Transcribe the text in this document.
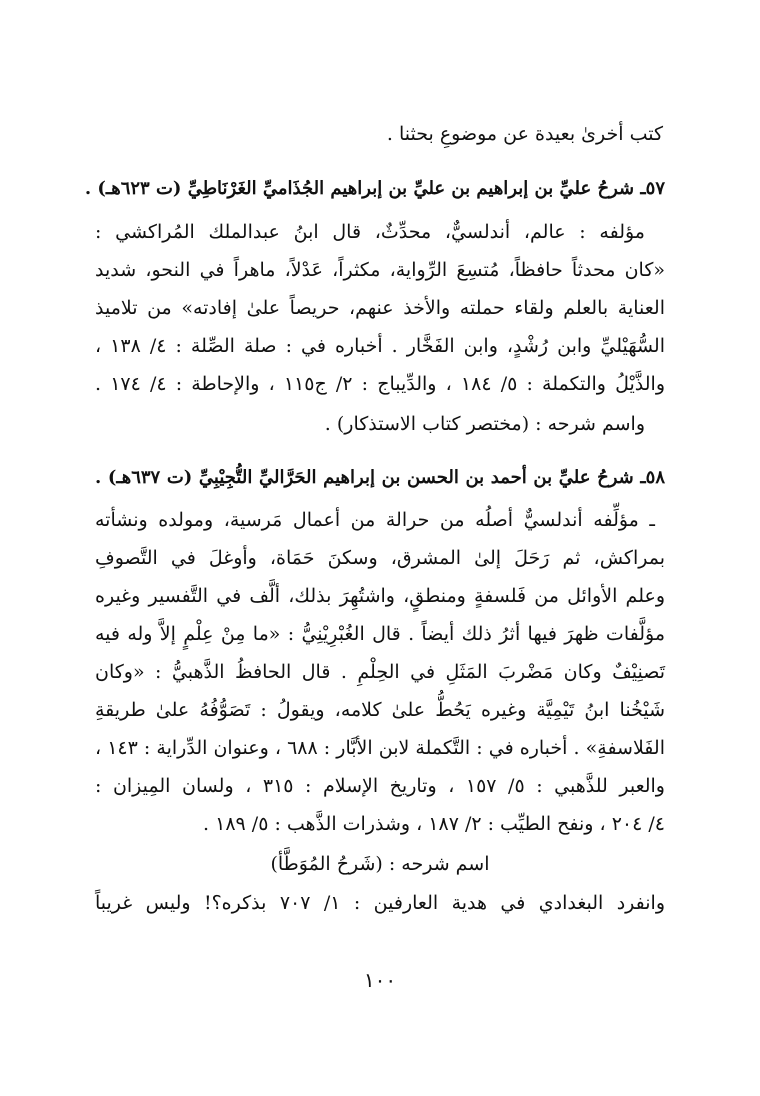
كتب أخرىٰ بعيدة عن موضوعِ بحثنا .
٥٧ـ شرحُ عليِّ بن إبراهيم بن عليِّ بن إبراهيم الجُذَاميِّ الغَرْنَاطِيِّ (ت ٦٢٣هـ) .
مؤلفه : عالم، أندلسيٌّ، محدِّثٌ، قال ابنُ عبدالملك المُراكشي :
«كان محدثاً حافظاً، مُتسِعَ الرِّواية، مكثراً، عَدْلاً، ماهراً في النحو، شديد
العناية بالعلم ولقاء حملته والأخذ عنهم، حريصاً علىٰ إفادته» من تلاميذ
السُّهَيْليِّ وابن رُشْدٍ، وابن الفَخَّار . أخباره في : صلة الصِّلة : ٤/ ١٣٨ ،
والذَّيْلُ والتكملة : ٥/ ١٨٤ ، والدِّيباج : ٢/ ج١١٥ ، والإحاطة : ٤/ ١٧٤ .
واسم شرحه : (مختصر كتاب الاستذكار) .
٥٨ـ شرحُ عليِّ بن أحمد بن الحسن بن إبراهيم الحَرَّاليِّ التُّجِيْبِيِّ (ت ٦٣٧هـ) .
ـ مؤلِّفه أندلسيٌّ أصلُه من حرالة من أعمال مَرسية، ومولده ونشأته
بمراكش، ثم رَحَلَ إلىٰ المشرق، وسكنَ حَمَاة، وأوغلَ في التَّصوفِ
وعلم الأوائل من فَلسفةٍ ومنطقٍ، واشتُهِرَ بذلك، ألَّف في التَّفسير وغيره
مؤلَّفات ظهرَ فيها أثرُ ذلك أيضاً . قال الغُبْرِيْنِيُّ : «ما مِنْ عِلْمٍ إلاَّ وله فيه
تَصنِيْفٌ وكان مَضْربَ المَثَلِ في الحِلْمِ . قال الحافظُ الذَّهبيُّ : «وكان
شَيْخُنا ابنُ تَيْمِيَّة وغيره يَحُطُّ علىٰ كلامه، ويقولُ : تَصَوُّفُهُ علىٰ طريقةِ
الفَلاسفةِ» . أخباره في : التَّكملة لابن الأبَّار : ٦٨٨ ، وعنوان الدِّراية : ١٤٣ ،
والعبر للذَّهبي : ٥/ ١٥٧ ، وتاريخ الإسلام : ٣١٥ ، ولسان المِيزان :
٤/ ٢٠٤ ، ونفح الطيِّب : ٢/ ١٨٧ ، وشذرات الذَّهب : ٥/ ١٨٩ .
اسم شرحه : (شَرحُ المُوَطَّأ)
وانفرد البغدادي في هدية العارفين : ١/ ٧٠٧ بذكره؟! وليس غريباً
١٠٠
